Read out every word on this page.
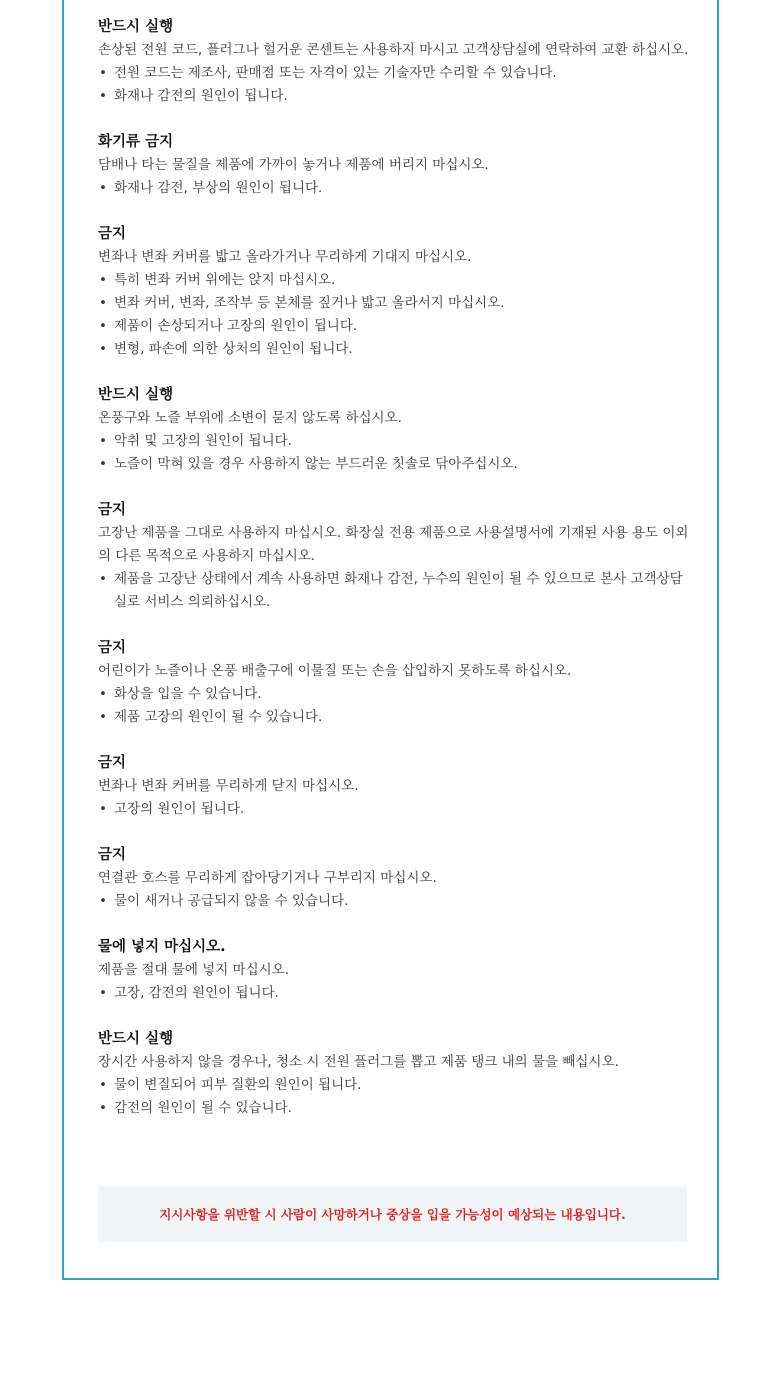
반드시 실행

손상된 전원 코드, 플러그나 헐거운 콘센트는 사용하지 마시고 고객상담실에 연락하여 교환 하십시오.

• 전원 코드는 제조사, 판매점 또는 자격이 있는 기술자만 수리할 수 있습니다.
• 화재나 감전의 원인이 됩니다.

화기류 금지

담배나 타는 물질을 제품에 가까이 놓거나 제품에 버리지 마십시오.

• 화재나 감전, 부상의 원인이 됩니다.

금지

변좌나 변좌 커버를 밟고 올라가거나 무리하게 기대지 마십시오.

• 특히 변좌 커버 위에는 앉지 마십시오.
• 변좌 커버, 변좌, 조작부 등 본체를 짚거나 밟고 올라서지 마십시오.
• 제품이 손상되거나 고장의 원인이 됩니다.
• 변형, 파손에 의한 상처의 원인이 됩니다.

반드시 실행

온풍구와 노즐 부위에 소변이 묻지 않도록 하십시오.

• 악취 및 고장의 원인이 됩니다.
• 노즐이 막혀 있을 경우 사용하지 않는 부드러운 칫솔로 닦아주십시오.

금지

고장난 제품을 그대로 사용하지 마십시오. 화장실 전용 제품으로 사용설명서에 기재된 사용 용도 이외의 다른 목적으로 사용하지 마십시오.

• 제품을 고장난 상태에서 계속 사용하면 화재나 감전, 누수의 원인이 될 수 있으므로 본사 고객상담실로 서비스 의뢰하십시오.

금지

어린이가 노즐이나 온풍 배출구에 이물질 또는 손을 삽입하지 못하도록 하십시오.

• 화상을 입을 수 있습니다.
• 제품 고장의 원인이 될 수 있습니다.

금지

변좌나 변좌 커버를 무리하게 닫지 마십시오.

• 고장의 원인이 됩니다.

금지

연결관 호스를 무리하게 잡아당기거나 구부리지 마십시오.

• 물이 새거나 공급되지 않을 수 있습니다.

물에 넣지 마십시오.

제품을 절대 물에 넣지 마십시오.

• 고장, 감전의 원인이 됩니다.

반드시 실행

장시간 사용하지 않을 경우나, 청소 시 전원 플러그를 뽑고 제품 탱크 내의 물을 빼십시오.

• 물이 변질되어 피부 질환의 원인이 됩니다.
• 감전의 원인이 될 수 있습니다.
지시사항을 위반할 시 사람이 사망하거나 중상을 입을 가능성이 예상되는 내용입니다.
